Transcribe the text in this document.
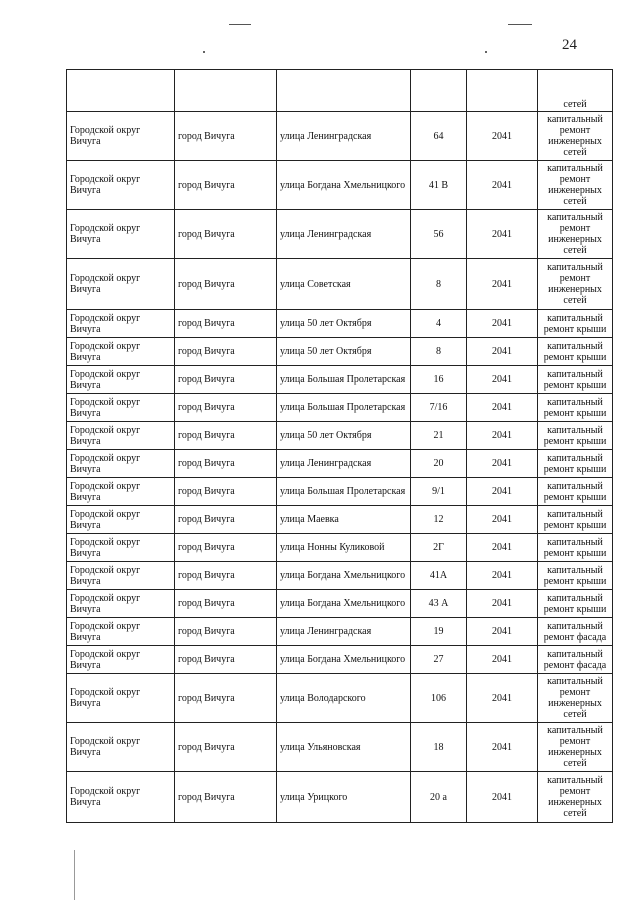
24
					сетей
Городской округ Вичуга	город Вичуга	улица Ленинградская	64	2041	капитальный ремонт инженерных сетей
Городской округ Вичуга	город Вичуга	улица Богдана Хмельницкого	41 В	2041	капитальный ремонт инженерных сетей
Городской округ Вичуга	город Вичуга	улица Ленинградская	56	2041	капитальный ремонт инженерных сетей
Городской округ Вичуга	город Вичуга	улица Советская	8	2041	капитальный ремонт инженерных сетей
Городской округ Вичуга	город Вичуга	улица 50 лет Октября	4	2041	капитальный ремонт крыши
Городской округ Вичуга	город Вичуга	улица 50 лет Октября	8	2041	капитальный ремонт крыши
Городской округ Вичуга	город Вичуга	улица Большая Пролетарская	16	2041	капитальный ремонт крыши
Городской округ Вичуга	город Вичуга	улица Большая Пролетарская	7/16	2041	капитальный ремонт крыши
Городской округ Вичуга	город Вичуга	улица 50 лет Октября	21	2041	капитальный ремонт крыши
Городской округ Вичуга	город Вичуга	улица Ленинградская	20	2041	капитальный ремонт крыши
Городской округ Вичуга	город Вичуга	улица Большая Пролетарская	9/1	2041	капитальный ремонт крыши
Городской округ Вичуга	город Вичуга	улица Маевка	12	2041	капитальный ремонт крыши
Городской округ Вичуга	город Вичуга	улица Нонны Куликовой	2Г	2041	капитальный ремонт крыши
Городской округ Вичуга	город Вичуга	улица Богдана Хмельницкого	41А	2041	капитальный ремонт крыши
Городской округ Вичуга	город Вичуга	улица Богдана Хмельницкого	43 А	2041	капитальный ремонт крыши
Городской округ Вичуга	город Вичуга	улица Ленинградская	19	2041	капитальный ремонт фасада
Городской округ Вичуга	город Вичуга	улица Богдана Хмельницкого	27	2041	капитальный ремонт фасада
Городской округ Вичуга	город Вичуга	улица Володарского	106	2041	капитальный ремонт инженерных сетей
Городской округ Вичуга	город Вичуга	улица Ульяновская	18	2041	капитальный ремонт инженерных сетей
Городской округ Вичуга	город Вичуга	улица Урицкого	20 а	2041	капитальный ремонт инженерных сетей
